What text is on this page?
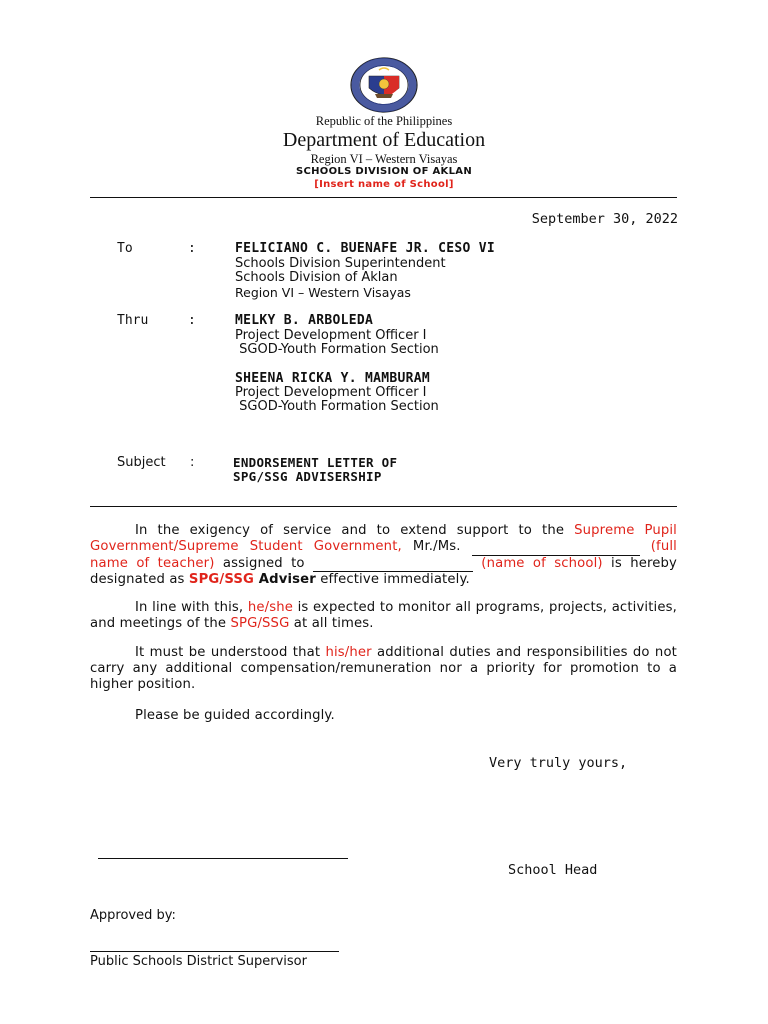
Republic of the Philippines
Department of Education
Region VI – Western Visayas
SCHOOLS DIVISION OF AKLAN
[Insert name of School]
September 30, 2022
To	:	FELICIANO C. BUENAFE JR. CESO VI
Schools Division Superintendent
Schools Division of Aklan
Region VI – Western Visayas
Thru	:	MELKY B. ARBOLEDA
Project Development Officer I
SGOD-Youth Formation Section
SHEENA RICKA Y. MAMBURAM
Project Development Officer I
SGOD-Youth Formation Section
Subject :	ENDORSEMENT LETTER OF
SPG/SSG ADVISERSHIP
In the exigency of service and to extend support to the Supreme Pupil Government/Supreme Student Government, Mr./Ms.	(full name of teacher) assigned to	(name of school) is hereby designated as SPG/SSG Adviser effective immediately.
In line with this, he/she is expected to monitor all programs, projects, activities, and meetings of the SPG/SSG at all times.
It must be understood that his/her additional duties and responsibilities do not carry any additional compensation/remuneration nor a priority for promotion to a higher position.
Please be guided accordingly.
Very truly yours,
School Head
Approved by:
Public Schools District Supervisor
